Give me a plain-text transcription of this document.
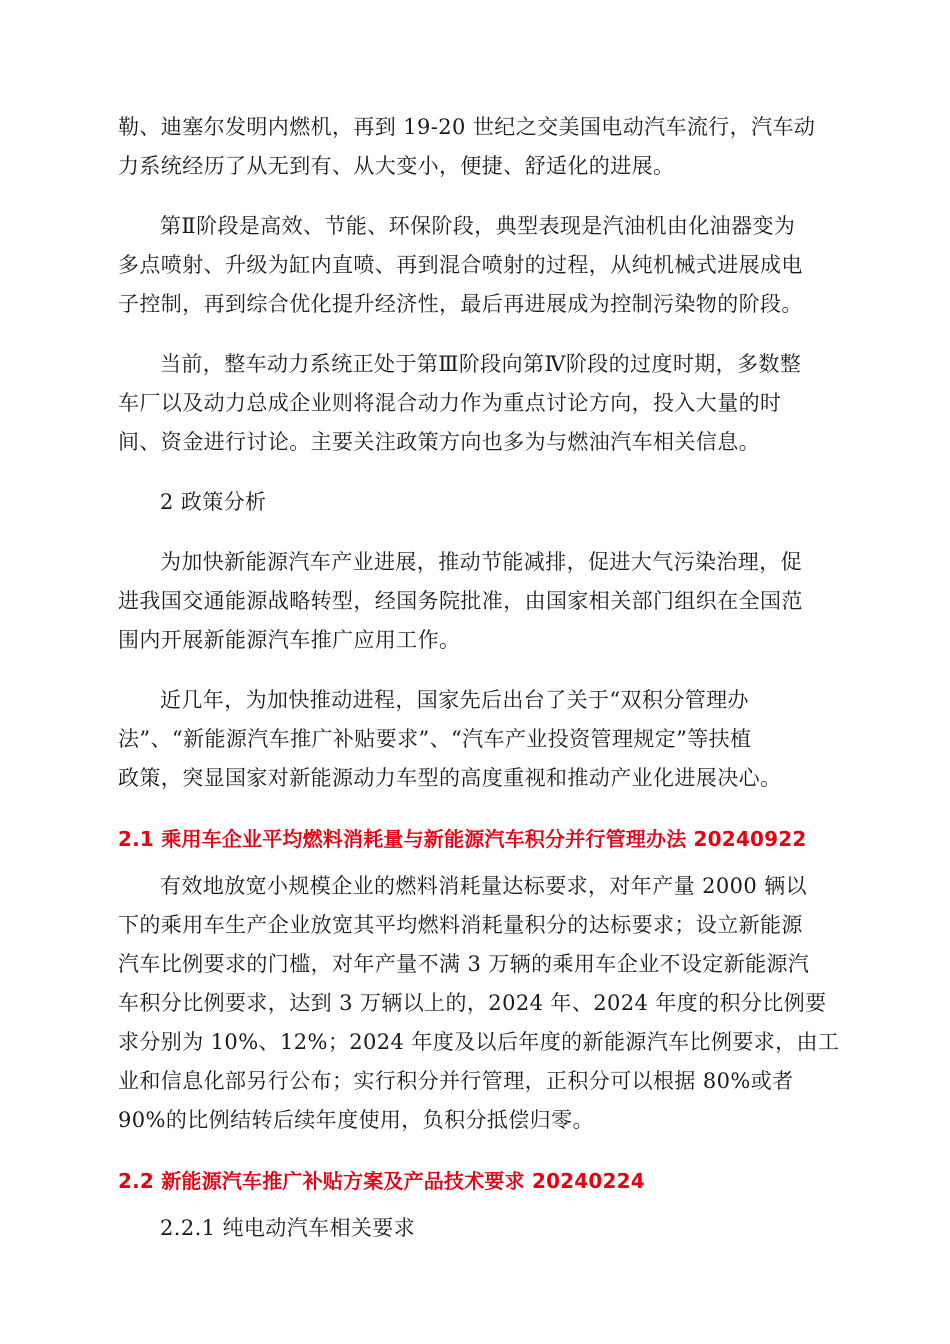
勒、迪塞尔发明内燃机，再到 19-20 世纪之交美国电动汽车流行，汽车动
力系统经历了从无到有、从大变小，便捷、舒适化的进展。
第Ⅱ阶段是高效、节能、环保阶段，典型表现是汽油机由化油器变为
多点喷射、升级为缸内直喷、再到混合喷射的过程，从纯机械式进展成电
子控制，再到综合优化提升经济性，最后再进展成为控制污染物的阶段。
当前，整车动力系统正处于第Ⅲ阶段向第Ⅳ阶段的过度时期，多数整
车厂以及动力总成企业则将混合动力作为重点讨论方向，投入大量的时
间、资金进行讨论。主要关注政策方向也多为与燃油汽车相关信息。
2 政策分析
为加快新能源汽车产业进展，推动节能减排，促进大气污染治理，促
进我国交通能源战略转型，经国务院批准，由国家相关部门组织在全国范
围内开展新能源汽车推广应用工作。
近几年，为加快推动进程，国家先后出台了关于“双积分管理办
法”、“新能源汽车推广补贴要求”、“汽车产业投资管理规定”等扶植
政策，突显国家对新能源动力车型的高度重视和推动产业化进展决心。
2.1 乘用车企业平均燃料消耗量与新能源汽车积分并行管理办法 20240922
有效地放宽小规模企业的燃料消耗量达标要求，对年产量 2000 辆以
下的乘用车生产企业放宽其平均燃料消耗量积分的达标要求；设立新能源
汽车比例要求的门槛，对年产量不满 3 万辆的乘用车企业不设定新能源汽
车积分比例要求，达到 3 万辆以上的，2024 年、2024 年度的积分比例要
求分别为 10%、12%；2024 年度及以后年度的新能源汽车比例要求，由工
业和信息化部另行公布；实行积分并行管理，正积分可以根据 80%或者
90%的比例结转后续年度使用，负积分抵偿归零。
2.2 新能源汽车推广补贴方案及产品技术要求 20240224
2.2.1 纯电动汽车相关要求
